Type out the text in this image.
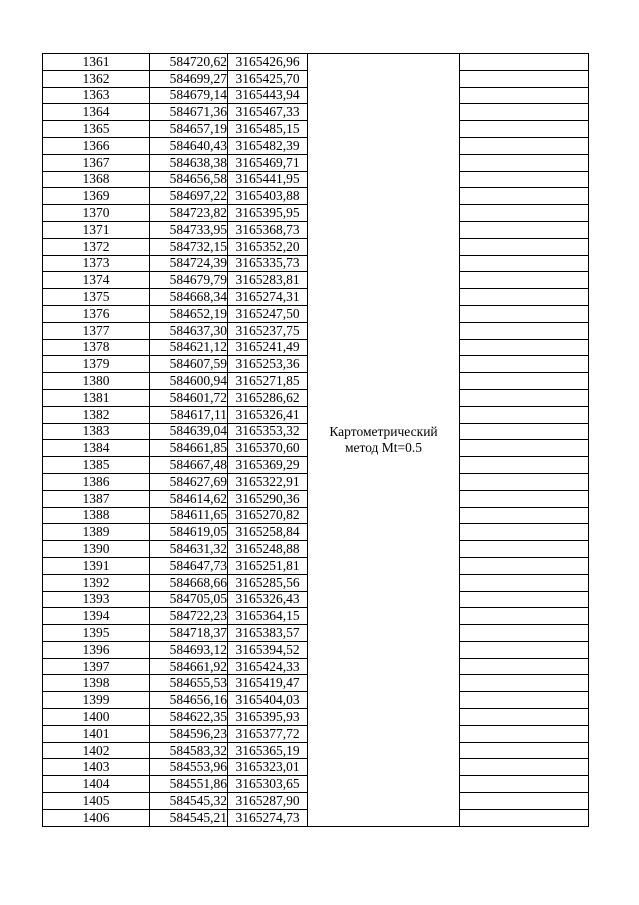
1361	584720,62	3165426,96	Картометрический
метод Mt=0.5	

1362	584699,27	3165425,70		
1363	584679,14	3165443,94		
1364	584671,36	3165467,33		
1365	584657,19	3165485,15		
1366	584640,43	3165482,39		
1367	584638,38	3165469,71		
1368	584656,58	3165441,95		
1369	584697,22	3165403,88		
1370	584723,82	3165395,95		
1371	584733,95	3165368,73		
1372	584732,15	3165352,20		
1373	584724,39	3165335,73		
1374	584679,79	3165283,81		
1375	584668,34	3165274,31		
1376	584652,19	3165247,50		
1377	584637,30	3165237,75		
1378	584621,12	3165241,49		
1379	584607,59	3165253,36		
1380	584600,94	3165271,85		
1381	584601,72	3165286,62		
1382	584617,11	3165326,41		
1383	584639,04	3165353,32		
1384	584661,85	3165370,60		
1385	584667,48	3165369,29		
1386	584627,69	3165322,91		
1387	584614,62	3165290,36		
1388	584611,65	3165270,82		
1389	584619,05	3165258,84		
1390	584631,32	3165248,88		
1391	584647,73	3165251,81		
1392	584668,66	3165285,56		
1393	584705,05	3165326,43		
1394	584722,23	3165364,15		
1395	584718,37	3165383,57		
1396	584693,12	3165394,52		
1397	584661,92	3165424,33		
1398	584655,53	3165419,47		
1399	584656,16	3165404,03		
1400	584622,35	3165395,93		
1401	584596,23	3165377,72		
1402	584583,32	3165365,19		
1403	584553,96	3165323,01		
1404	584551,86	3165303,65		
1405	584545,32	3165287,90		
1406	584545,21	3165274,73		
